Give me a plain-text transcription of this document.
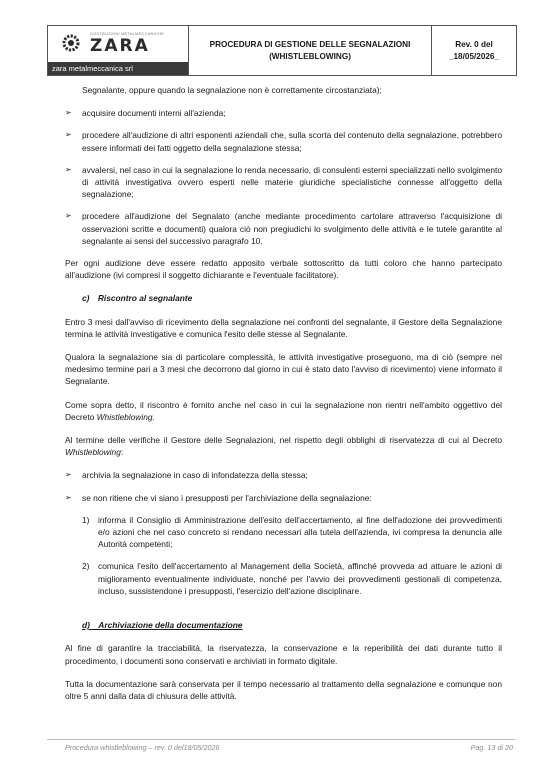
COSTRUZIONI METALMECCANICHE
ZARA
zara metalmeccanica srl
PROCEDURA DI GESTIONE DELLE SEGNALAZIONI
(WHISTLEBLOWING)
Rev. 0 del
_18/05/2026_
Segnalante, oppure quando la segnalazione non è correttamente circostanziata);
➢	acquisire documenti interni all'azienda;
➢	procedere all'audizione di altri esponenti aziendali che, sulla scorta del contenuto della segnalazione, potrebbero essere informati dei fatti oggetto della segnalazione stessa;
➢	avvalersi, nel caso in cui la segnalazione lo renda necessario, di consulenti esterni specializzati nello svolgimento di attività investigativa ovvero esperti nelle materie giuridiche specialistiche connesse all'oggetto della segnalazione;
➢	procedere all'audizione del Segnalato (anche mediante procedimento cartolare attraverso l'acquisizione di osservazioni scritte e documenti) qualora ciò non pregiudichi lo svolgimento delle attività e le tutele garantite al segnalante ai sensi del successivo paragrafo 10.
Per ogni audizione deve essere redatto apposito verbale sottoscritto da tutti coloro che hanno partecipato all'audizione (ivi compresi il soggetto dichiarante e l'eventuale facilitatore).
c) Riscontro al segnalante
Entro 3 mesi dall'avviso di ricevimento della segnalazione nei confronti del segnalante, il Gestore della Segnalazione termina le attività investigative e comunica l'esito delle stesse al Segnalante.
Qualora la segnalazione sia di particolare complessità, le attività investigative proseguono, ma di ciò (sempre nel medesimo termine pari a 3 mesi che decorrono dal giorno in cui è stato dato l'avviso di ricevimento) viene informato il Segnalante.
Come sopra detto, il riscontro è fornito anche nel caso in cui la segnalazione non rientri nell'ambito oggettivo del Decreto Whistleblowing.
Al termine delle verifiche il Gestore delle Segnalazioni, nel rispetto degli obblighi di riservatezza di cui al Decreto Whistleblowing:
➢	archivia la segnalazione in caso di infondatezza della stessa;
➢	se non ritiene che vi siano i presupposti per l'archiviazione della segnalazione:
1)	informa il Consiglio di Amministrazione dell'esito dell'accertamento, al fine dell'adozione dei provvedimenti e/o azioni che nel caso concreto si rendano necessari alla tutela dell'azienda, ivi compresa la denuncia alle Autorità competenti;
2)	comunica l'esito dell'accertamento al Management della Società, affinché provveda ad attuare le azioni di miglioramento eventualmente individuate, nonché per l'avvio dei provvedimenti gestionali di competenza, incluso, sussistendone i presupposti, l'esercizio dell'azione disciplinare.
d) Archiviazione della documentazione
Al fine di garantire la tracciabilità, la riservatezza, la conservazione e la reperibilità dei dati durante tutto il procedimento, i documenti sono conservati e archiviati in formato digitale.
Tutta la documentazione sarà conservata per il tempo necessario al trattamento della segnalazione e comunque non oltre 5 anni dalla data di chiusura delle attività.
Procedura whistleblowing – rev. 0 del18/05/2026	Pag. 13 di 20
